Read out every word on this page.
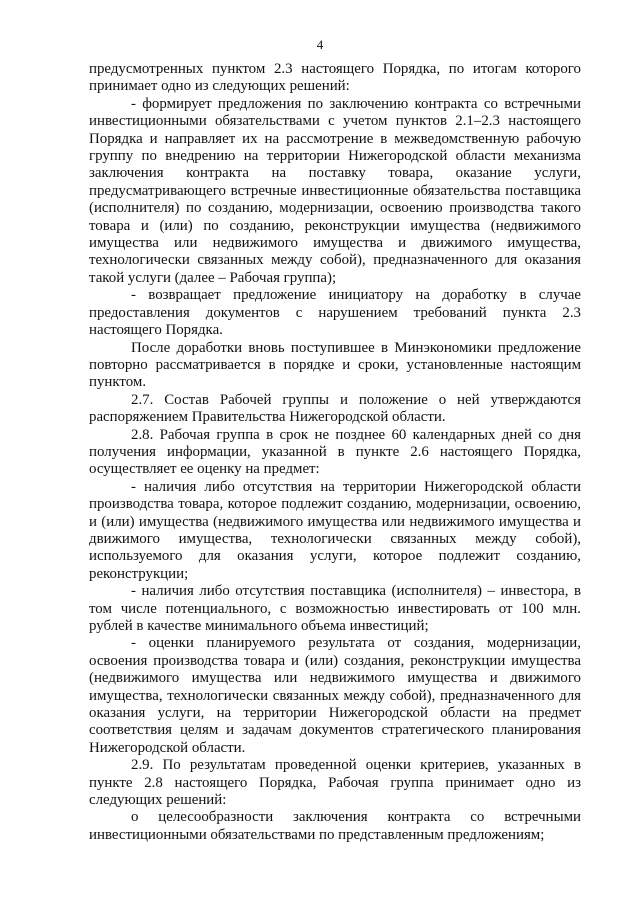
4

предусмотренных пунктом 2.3 настоящего Порядка, по итогам которого принимает одно из следующих решений:

- формирует предложения по заключению контракта со встречными инвестиционными обязательствами с учетом пунктов 2.1–2.3 настоящего Порядка и направляет их на рассмотрение в межведомственную рабочую группу по внедрению на территории Нижегородской области механизма заключения контракта на поставку товара, оказание услуги, предусматривающего встречные инвестиционные обязательства поставщика (исполнителя) по созданию, модернизации, освоению производства такого товара и (или) по созданию, реконструкции имущества (недвижимого имущества или недвижимого имущества и движимого имущества, технологически связанных между собой), предназначенного для оказания такой услуги (далее – Рабочая группа);

- возвращает предложение инициатору на доработку в случае предоставления документов с нарушением требований пункта 2.3 настоящего Порядка.

После доработки вновь поступившее в Минэкономики предложение повторно рассматривается в порядке и сроки, установленные настоящим пунктом.

2.7. Состав Рабочей группы и положение о ней утверждаются распоряжением Правительства Нижегородской области.

2.8. Рабочая группа в срок не позднее 60 календарных дней со дня получения информации, указанной в пункте 2.6 настоящего Порядка, осуществляет ее оценку на предмет:

- наличия либо отсутствия на территории Нижегородской области производства товара, которое подлежит созданию, модернизации, освоению, и (или) имущества (недвижимого имущества или недвижимого имущества и движимого имущества, технологически связанных между собой), используемого для оказания услуги, которое подлежит созданию, реконструкции;

- наличия либо отсутствия поставщика (исполнителя) – инвестора, в том числе потенциального, с возможностью инвестировать от 100 млн. рублей в качестве минимального объема инвестиций;

- оценки планируемого результата от создания, модернизации, освоения производства товара и (или) создания, реконструкции имущества (недвижимого имущества или недвижимого имущества и движимого имущества, технологически связанных между собой), предназначенного для оказания услуги, на территории Нижегородской области на предмет соответствия целям и задачам документов стратегического планирования Нижегородской области.

2.9. По результатам проведенной оценки критериев, указанных в пункте 2.8 настоящего Порядка, Рабочая группа принимает одно из следующих решений:

о целесообразности заключения контракта со встречными инвестиционными обязательствами по представленным предложениям;
